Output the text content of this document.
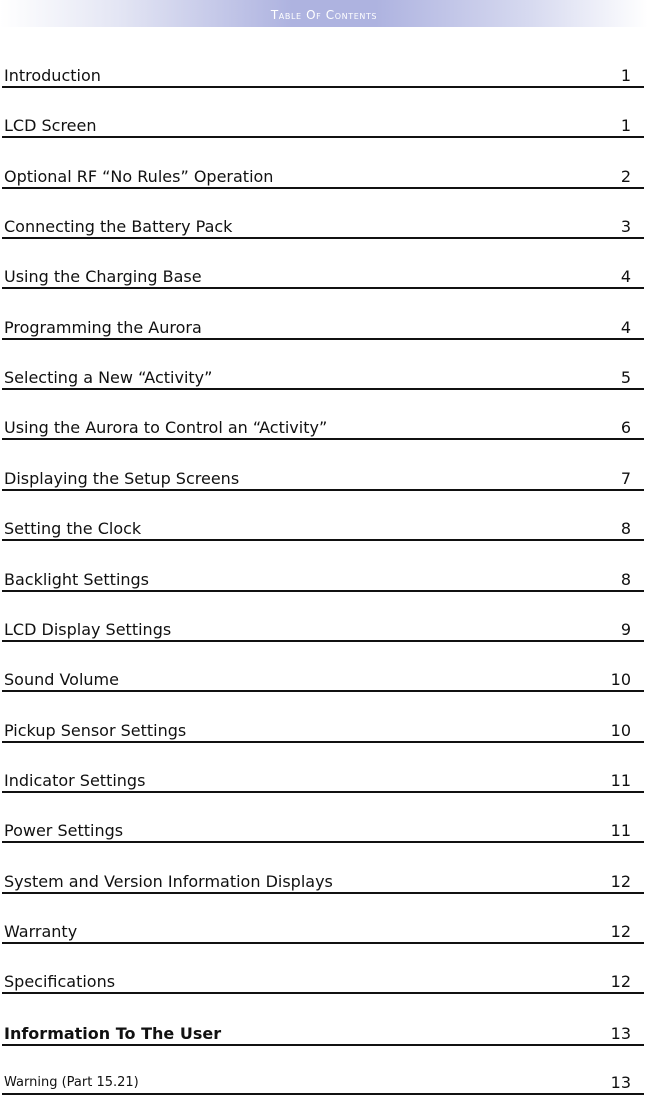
Table Of Contents
Introduction	1
LCD Screen	1
Optional RF “No Rules” Operation	2
Connecting the Battery Pack	3
Using the Charging Base	4
Programming the Aurora	4
Selecting a New “Activity”	5
Using the Aurora to Control an “Activity”	6
Displaying the Setup Screens	7
Setting the Clock	8
Backlight Settings	8
LCD Display Settings	9
Sound Volume	10
Pickup Sensor Settings	10
Indicator Settings	11
Power Settings	11
System and Version Information Displays	12
Warranty	12
Specifications	12
Information To The User	13
Warning (Part 15.21)	13
